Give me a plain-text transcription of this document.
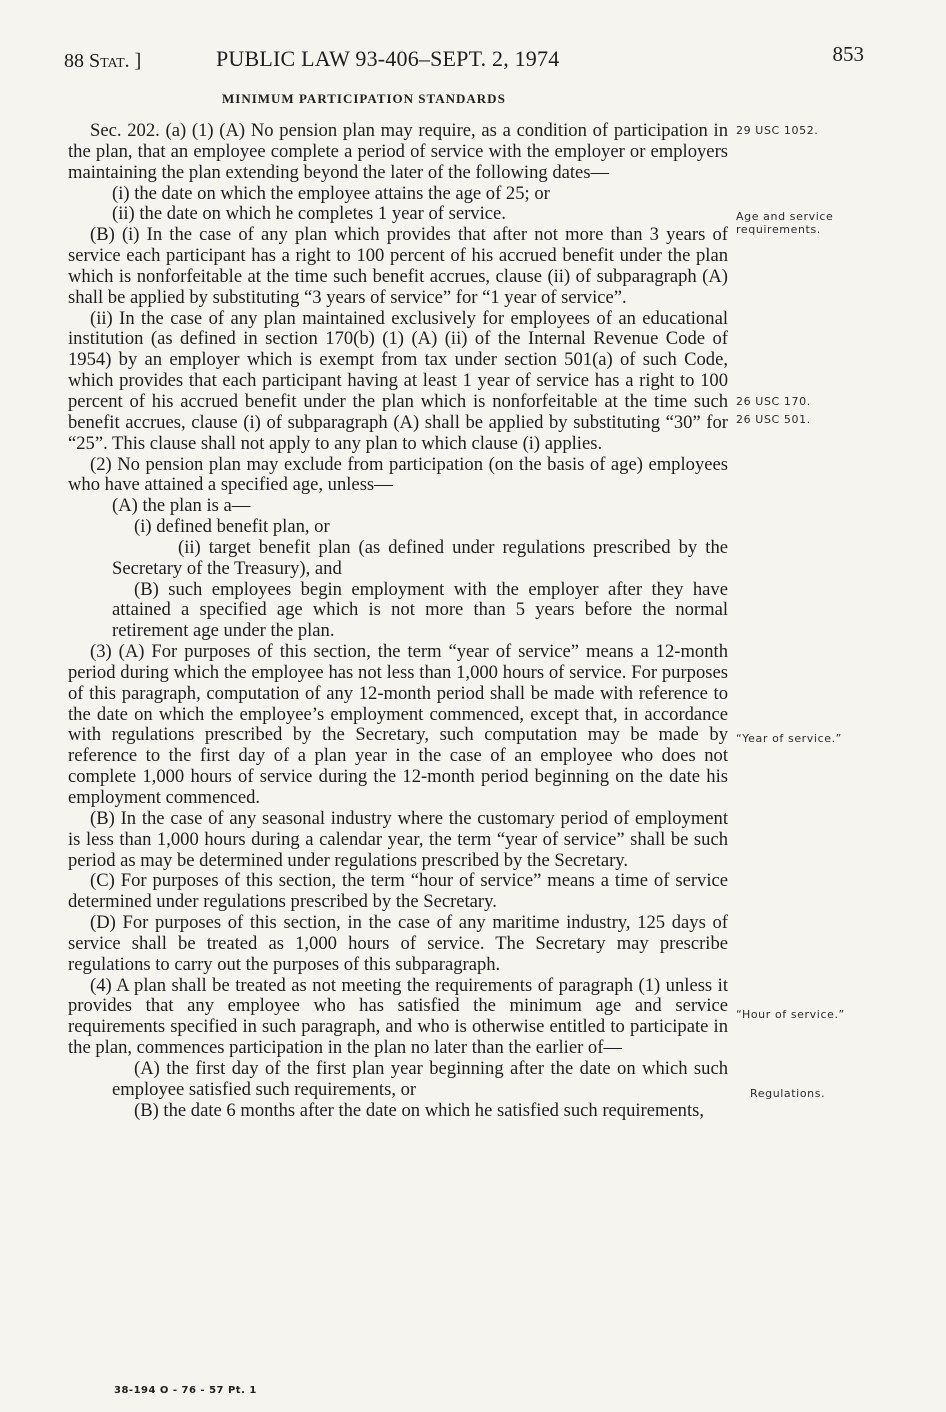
88 Stat. ]	PUBLIC LAW 93-406–SEPT. 2, 1974	853
MINIMUM PARTICIPATION STANDARDS

Sec. 202. (a) (1) (A) No pension plan may require, as a condition of participation in the plan, that an employee complete a period of service with the employer or employers maintaining the plan extending beyond the later of the following dates—

(i) the date on which the employee attains the age of 25; or

(ii) the date on which he completes 1 year of service.

(B) (i) In the case of any plan which provides that after not more than 3 years of service each participant has a right to 100 percent of his accrued benefit under the plan which is nonforfeitable at the time such benefit accrues, clause (ii) of subparagraph (A) shall be applied by substituting “3 years of service” for “1 year of service”.

(ii) In the case of any plan maintained exclusively for employees of an educational institution (as defined in section 170(b) (1) (A) (ii) of the Internal Revenue Code of 1954) by an employer which is exempt from tax under section 501(a) of such Code, which provides that each participant having at least 1 year of service has a right to 100 percent of his accrued benefit under the plan which is nonforfeitable at the time such benefit accrues, clause (i) of subparagraph (A) shall be applied by substituting “30” for “25”. This clause shall not apply to any plan to which clause (i) applies.

(2) No pension plan may exclude from participation (on the basis of age) employees who have attained a specified age, unless—

(A) the plan is a—

(i) defined benefit plan, or

(ii) target benefit plan (as defined under regulations prescribed by the Secretary of the Treasury), and

(B) such employees begin employment with the employer after they have attained a specified age which is not more than 5 years before the normal retirement age under the plan.

(3) (A) For purposes of this section, the term “year of service” means a 12-month period during which the employee has not less than 1,000 hours of service. For purposes of this paragraph, computation of any 12-month period shall be made with reference to the date on which the employee’s employment commenced, except that, in accordance with regulations prescribed by the Secretary, such computation may be made by reference to the first day of a plan year in the case of an employee who does not complete 1,000 hours of service during the 12-month period beginning on the date his employment commenced.

(B) In the case of any seasonal industry where the customary period of employment is less than 1,000 hours during a calendar year, the term “year of service” shall be such period as may be determined under regulations prescribed by the Secretary.

(C) For purposes of this section, the term “hour of service” means a time of service determined under regulations prescribed by the Secretary.

(D) For purposes of this section, in the case of any maritime industry, 125 days of service shall be treated as 1,000 hours of service. The Secretary may prescribe regulations to carry out the purposes of this subparagraph.

(4) A plan shall be treated as not meeting the requirements of paragraph (1) unless it provides that any employee who has satisfied the minimum age and service requirements specified in such paragraph, and who is otherwise entitled to participate in the plan, commences participation in the plan no later than the earlier of—

(A) the first day of the first plan year beginning after the date on which such employee satisfied such requirements, or

(B) the date 6 months after the date on which he satisfied such requirements,

29 USC 1052.
Age and service requirements.
26 USC 170.
26 USC 501.
“Year of service.”
“Hour of service.”
Regulations.
38-194 O - 76 - 57 Pt. 1
